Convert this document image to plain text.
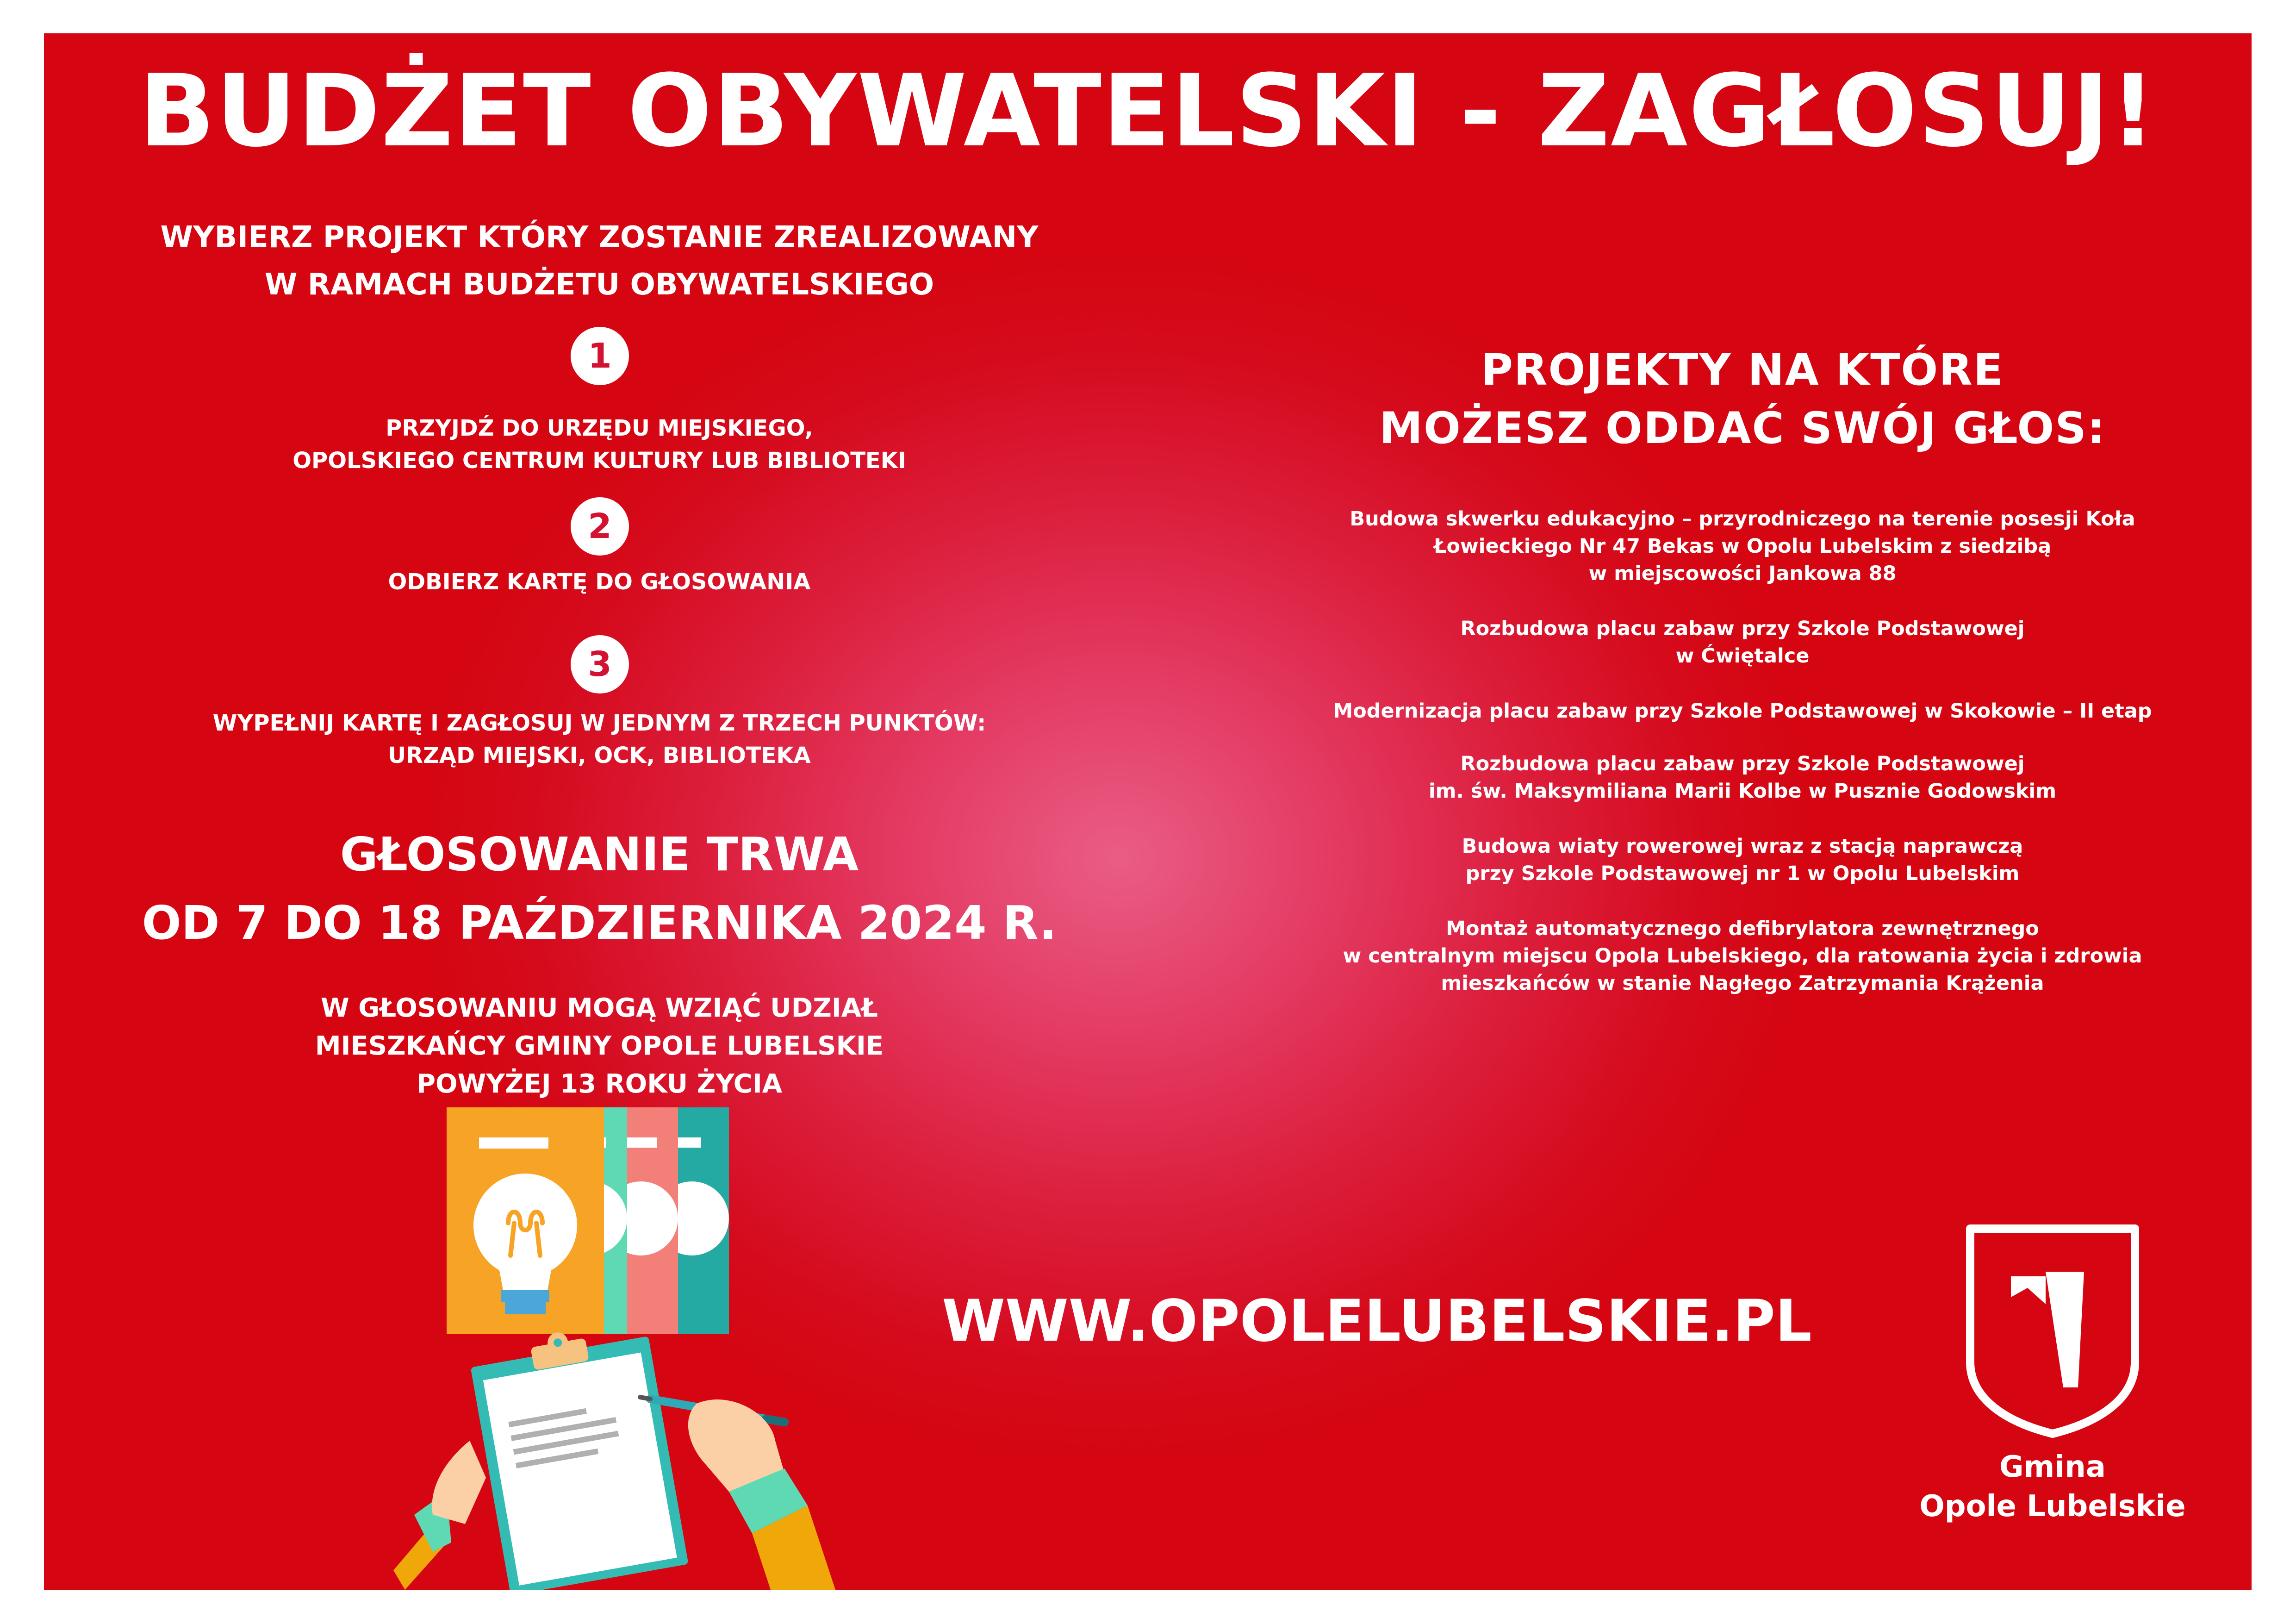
BUDŻET OBYWATELSKI - ZAGŁOSUJ!
WYBIERZ PROJEKT KTÓRY ZOSTANIE ZREALIZOWANY
W RAMACH BUDŻETU OBYWATELSKIEGO
1
PRZYJDŹ DO URZĘDU MIEJSKIEGO,
OPOLSKIEGO CENTRUM KULTURY LUB BIBLIOTEKI
2
ODBIERZ KARTĘ DO GŁOSOWANIA
3
WYPEŁNIJ KARTĘ I ZAGŁOSUJ W JEDNYM Z TRZECH PUNKTÓW:
URZĄD MIEJSKI, OCK, BIBLIOTEKA
GŁOSOWANIE TRWA
OD 7 DO 18 PAŹDZIERNIKA 2024 R.
W GŁOSOWANIU MOGĄ WZIĄĆ UDZIAŁ
MIESZKAŃCY GMINY OPOLE LUBELSKIE
POWYŻEJ 13 ROKU ŻYCIA
PROJEKTY NA KTÓRE
MOŻESZ ODDAĆ SWÓJ GŁOS:
Budowa skwerku edukacyjno – przyrodniczego na terenie posesji Koła
Łowieckiego Nr 47 Bekas w Opolu Lubelskim z siedzibą
w miejscowości Jankowa 88
Rozbudowa placu zabaw przy Szkole Podstawowej
w Ćwiętalce
Modernizacja placu zabaw przy Szkole Podstawowej w Skokowie – II etap
Rozbudowa placu zabaw przy Szkole Podstawowej
im. św. Maksymiliana Marii Kolbe w Pusznie Godowskim
Budowa wiaty rowerowej wraz z stacją naprawczą
przy Szkole Podstawowej nr 1 w Opolu Lubelskim
Montaż automatycznego defibrylatora zewnętrznego
w centralnym miejscu Opola Lubelskiego, dla ratowania życia i zdrowia
mieszkańców w stanie Nagłego Zatrzymania Krążenia
WWW.OPOLELUBELSKIE.PL
Gmina
Opole Lubelskie
